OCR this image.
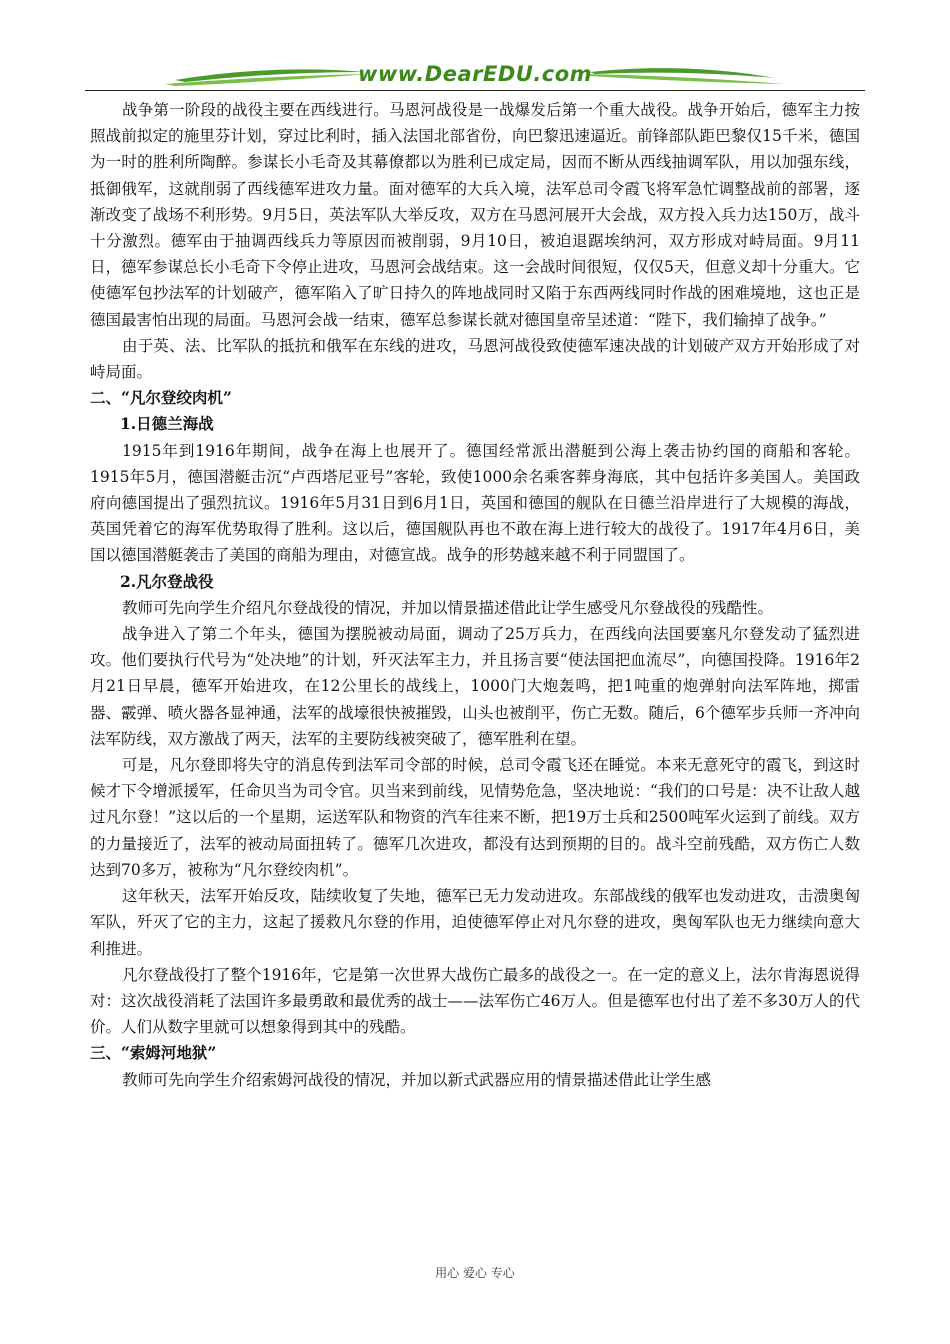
www.DearEDU.com

战争第一阶段的战役主要在西线进行。马恩河战役是一战爆发后第一个重大战役。战争开始后，德军主力按照战前拟定的施里芬计划，穿过比利时，插入法国北部省份，向巴黎迅速逼近。前锋部队距巴黎仅15千米，德国为一时的胜利所陶醉。参谋长小毛奇及其幕僚都以为胜利已成定局，因而不断从西线抽调军队，用以加强东线，抵御俄军，这就削弱了西线德军进攻力量。面对德军的大兵入境，法军总司令霞飞将军急忙调整战前的部署，逐渐改变了战场不利形势。9月5日，英法军队大举反攻，双方在马恩河展开大会战，双方投入兵力达150万，战斗十分激烈。德军由于抽调西线兵力等原因而被削弱，9月10日，被迫退踞埃纳河，双方形成对峙局面。9月11日，德军参谋总长小毛奇下令停止进攻，马恩河会战结束。这一会战时间很短，仅仅5天，但意义却十分重大。它使德军包抄法军的计划破产，德军陷入了旷日持久的阵地战同时又陷于东西两线同时作战的困难境地，这也正是德国最害怕出现的局面。马恩河会战一结束，德军总参谋长就对德国皇帝呈述道：“陛下，我们输掉了战争。”

由于英、法、比军队的抵抗和俄军在东线的进攻，马恩河战役致使德军速决战的计划破产双方开始形成了对峙局面。

二、“凡尔登绞肉机”

1.日德兰海战

1915年到1916年期间，战争在海上也展开了。德国经常派出潜艇到公海上袭击协约国的商船和客轮。1915年5月，德国潜艇击沉“卢西塔尼亚号”客轮，致使1000余名乘客葬身海底，其中包括许多美国人。美国政府向德国提出了强烈抗议。1916年5月31日到6月1日，英国和德国的舰队在日德兰沿岸进行了大规模的海战，英国凭着它的海军优势取得了胜利。这以后，德国舰队再也不敢在海上进行较大的战役了。1917年4月6日，美国以德国潜艇袭击了美国的商船为理由，对德宣战。战争的形势越来越不利于同盟国了。

2.凡尔登战役

教师可先向学生介绍凡尔登战役的情况，并加以情景描述借此让学生感受凡尔登战役的残酷性。

战争进入了第二个年头，德国为摆脱被动局面，调动了25万兵力，在西线向法国要塞凡尔登发动了猛烈进攻。他们要执行代号为“处决地”的计划，歼灭法军主力，并且扬言要“使法国把血流尽”，向德国投降。1916年2月21日早晨，德军开始进攻，在12公里长的战线上，1000门大炮轰鸣，把1吨重的炮弹射向法军阵地，掷雷器、霰弹、喷火器各显神通，法军的战壕很快被摧毁，山头也被削平，伤亡无数。随后，6个德军步兵师一齐冲向法军防线，双方激战了两天，法军的主要防线被突破了，德军胜利在望。

可是，凡尔登即将失守的消息传到法军司令部的时候，总司令霞飞还在睡觉。本来无意死守的霞飞，到这时候才下令增派援军，任命贝当为司令官。贝当来到前线，见情势危急，坚决地说：“我们的口号是：决不让敌人越过凡尔登！”这以后的一个星期，运送军队和物资的汽车往来不断，把19万士兵和2500吨军火运到了前线。双方的力量接近了，法军的被动局面扭转了。德军几次进攻，都没有达到预期的目的。战斗空前残酷，双方伤亡人数达到70多万，被称为“凡尔登绞肉机”。

这年秋天，法军开始反攻，陆续收复了失地，德军已无力发动进攻。东部战线的俄军也发动进攻，击溃奥匈军队，歼灭了它的主力，这起了援救凡尔登的作用，迫使德军停止对凡尔登的进攻，奥匈军队也无力继续向意大利推进。

凡尔登战役打了整个1916年，它是第一次世界大战伤亡最多的战役之一。在一定的意义上，法尔肯海恩说得对：这次战役消耗了法国许多最勇敢和最优秀的战士——法军伤亡46万人。但是德军也付出了差不多30万人的代价。人们从数字里就可以想象得到其中的残酷。

三、“索姆河地狱”

教师可先向学生介绍索姆河战役的情况，并加以新式武器应用的情景描述借此让学生感

用心 爱心 专心
